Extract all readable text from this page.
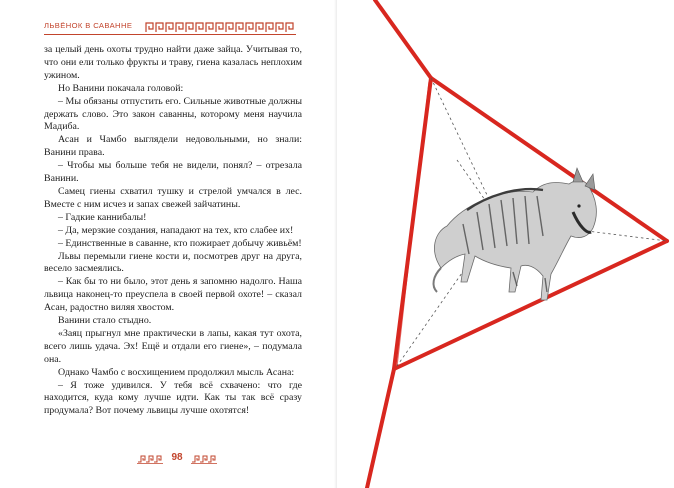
ЛЬВЁНОК В САВАННЕ

за целый день охоты трудно найти даже зайца. Учитывая то, что они ели только фрукты и траву, гиена казалась неплохим ужином.

Но Ванини покачала головой:

– Мы обязаны отпустить его. Сильные животные должны держать слово. Это закон саванны, которому меня научила Мадиба.

Асан и Чамбо выглядели недовольными, но знали: Ванини права.

– Чтобы мы больше тебя не видели, понял? – отрезала Ванини.

Самец гиены схватил тушку и стрелой умчался в лес. Вместе с ним исчез и запах свежей зайчатины.

– Гадкие каннибалы!

– Да, мерзкие создания, нападают на тех, кто слабее их!

– Единственные в саванне, кто пожирает добычу живьём!

Львы перемыли гиене кости и, посмотрев друг на друга, весело засмеялись.

– Как бы то ни было, этот день я запомню надолго. Наша львица наконец-то преуспела в своей первой охоте! – сказал Асан, радостно виляя хвостом.

Ванини стало стыдно.

«Заяц прыгнул мне практически в лапы, какая тут охота, всего лишь удача. Эх! Ещё и отдали его гиене», – подумала она.

Однако Чамбо с восхищением продолжил мысль Асана:

– Я тоже удивился. У тебя всё схвачено: что где находится, куда кому лучше идти. Как ты так всё сразу продумала? Вот почему львицы лучше охотятся!

98
